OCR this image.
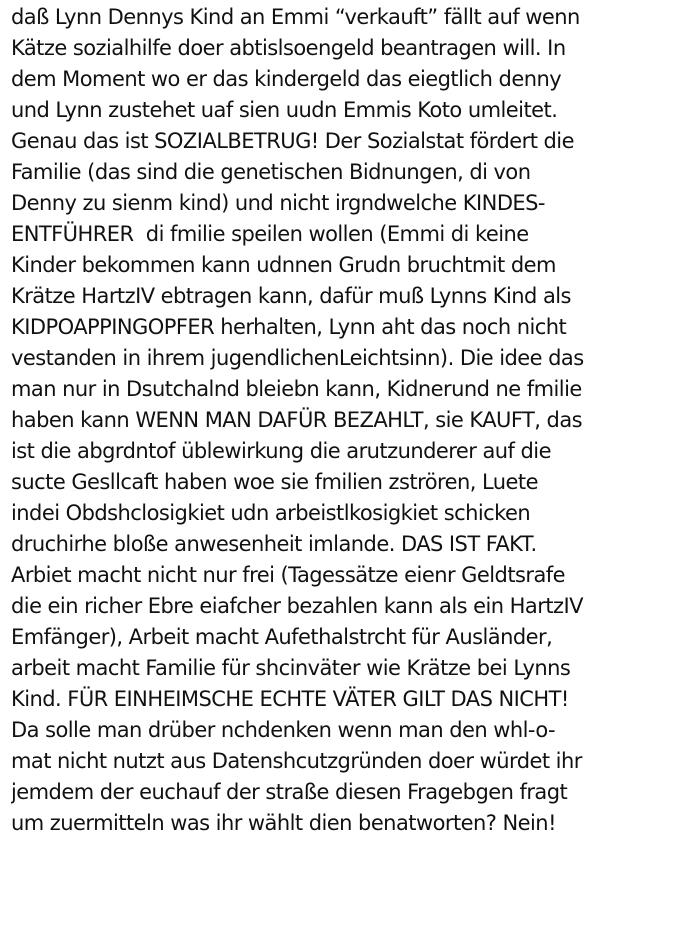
daß Lynn Dennys Kind an Emmi “verkauft” fällt auf wenn
Kätze sozialhilfe doer abtislsoengeld beantragen will. In
dem Moment wo er das kindergeld das eiegtlich denny
und Lynn zustehet uaf sien uudn Emmis Koto umleitet.
Genau das ist SOZIALBETRUG! Der Sozialstat fördert die
Familie (das sind die genetischen Bidnungen, di von
Denny zu sienm kind) und nicht irgndwelche KINDES-
ENTFÜHRER  di fmilie speilen wollen (Emmi di keine
Kinder bekommen kann udnnen Grudn bruchtmit dem
Krätze HartzIV ebtragen kann, dafür muß Lynns Kind als
KIDPOAPPINGOPFER herhalten, Lynn aht das noch nicht
vestanden in ihrem jugendlichenLeichtsinn). Die idee das
man nur in Dsutchalnd bleiebn kann, Kidnerund ne fmilie
haben kann WENN MAN DAFÜR BEZAHLT, sie KAUFT, das
ist die abgrdntof üblewirkung die arutzunderer auf die
sucte Gesllcaft haben woe sie fmilien zströren, Luete
indei Obdshclosigkiet udn arbeistlkosigkiet schicken
druchirhe bloße anwesenheit imlande. DAS IST FAKT.
Arbiet macht nicht nur frei (Tagessätze eienr Geldtsrafe
die ein richer Ebre eiafcher bezahlen kann als ein HartzIV
Emfänger), Arbeit macht Aufethalstrcht für Ausländer,
arbeit macht Familie für shcinväter wie Krätze bei Lynns
Kind. FÜR EINHEIMSCHE ECHTE VÄTER GILT DAS NICHT!
Da solle man drüber nchdenken wenn man den whl-o-
mat nicht nutzt aus Datenshcutzgründen doer würdet ihr
jemdem der euchauf der straße diesen Fragebgen fragt
um zuermitteln was ihr wählt dien benatworten? Nein!
